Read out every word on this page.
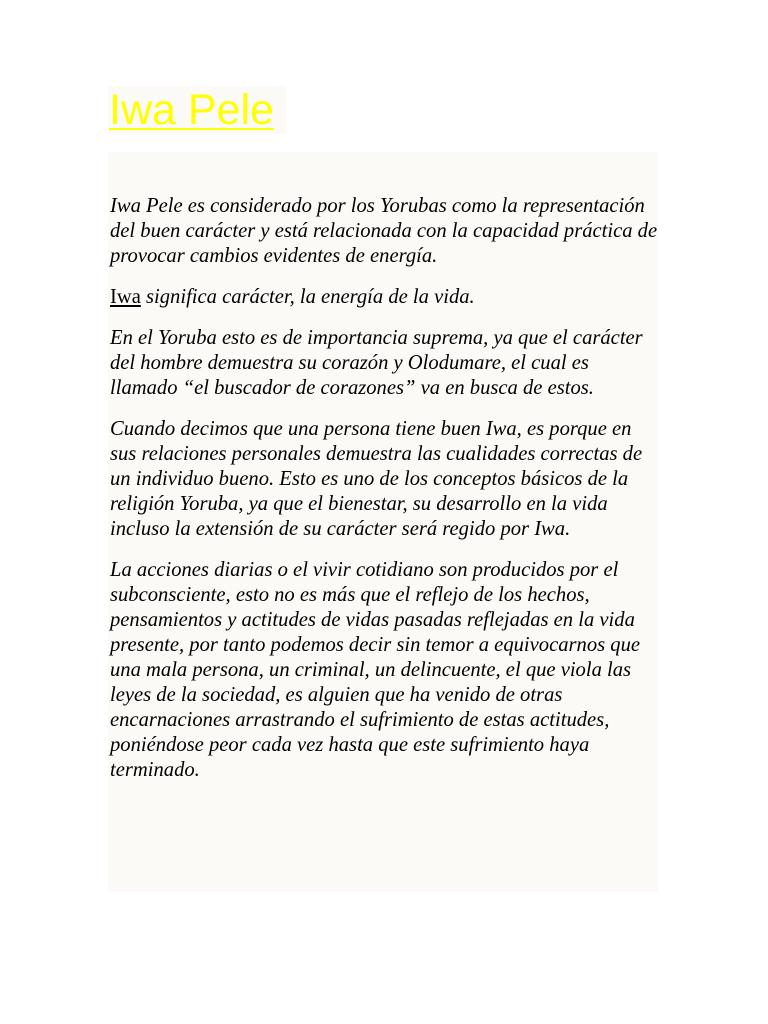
Iwa Pele

Iwa Pele es considerado por los Yorubas como la representación del buen carácter y está relacionada con la capacidad práctica de provocar cambios evidentes de energía.

Iwa significa carácter, la energía de la vida.

En el Yoruba esto es de importancia suprema, ya que el carácter del hombre demuestra su corazón y Olodumare, el cual es llamado “el buscador de corazones” va en busca de estos.

Cuando decimos que una persona tiene buen Iwa, es porque en sus relaciones personales demuestra las cualidades correctas de un individuo bueno. Esto es uno de los conceptos básicos de la religión Yoruba, ya que el bienestar, su desarrollo en la vida incluso la extensión de su carácter será regido por Iwa.

La acciones diarias o el vivir cotidiano son producidos por el subconsciente, esto no es más que el reflejo de los hechos, pensamientos y actitudes de vidas pasadas reflejadas en la vida presente, por tanto podemos decir sin temor a equivocarnos que una mala persona, un criminal, un delincuente, el que viola las leyes de la sociedad, es alguien que ha venido de otras encarnaciones arrastrando el sufrimiento de estas actitudes, poniéndose peor cada vez hasta que este sufrimiento haya terminado.
